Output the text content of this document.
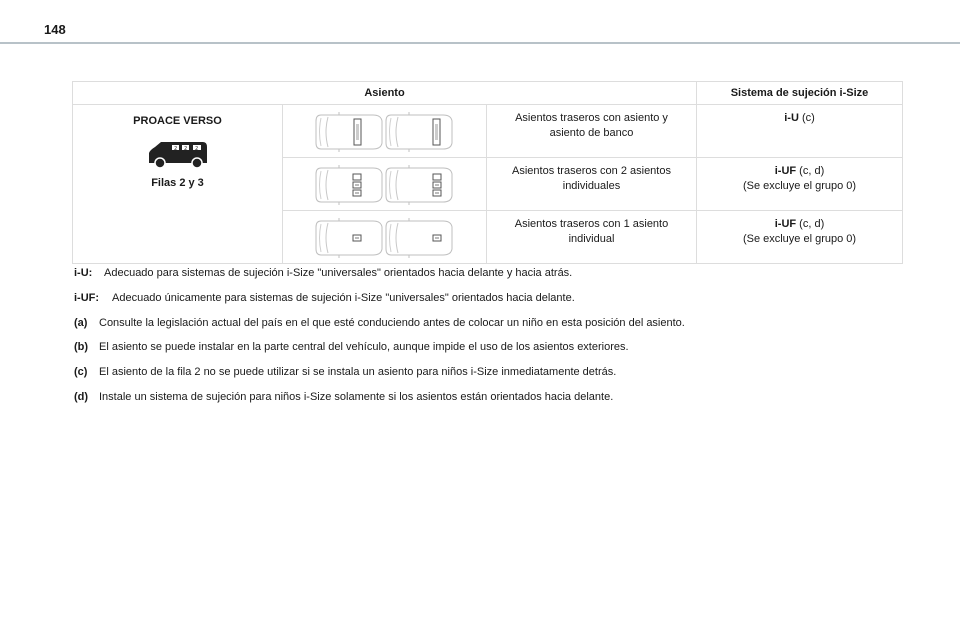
148
Asiento			Sistema de sujeción i-Size

PROACE VERSO
2 2 2
Filas 2 y 3		Asientos traseros con asiento y asiento de banco	i-U (c)

	Asientos traseros con 2 asientos individuales	i-UF (c, d)
(Se excluye el grupo 0)

	Asientos traseros con 1 asiento individual	i-UF (c, d)
(Se excluye el grupo 0)
i-U: Adecuado para sistemas de sujeción i-Size "universales" orientados hacia delante y hacia atrás.
i-UF: Adecuado únicamente para sistemas de sujeción i-Size "universales" orientados hacia delante.
(a) Consulte la legislación actual del país en el que esté conduciendo antes de colocar un niño en esta posición del asiento.
(b) El asiento se puede instalar en la parte central del vehículo, aunque impide el uso de los asientos exteriores.
(c) El asiento de la fila 2 no se puede utilizar si se instala un asiento para niños i-Size inmediatamente detrás.
(d) Instale un sistema de sujeción para niños i-Size solamente si los asientos están orientados hacia delante.
